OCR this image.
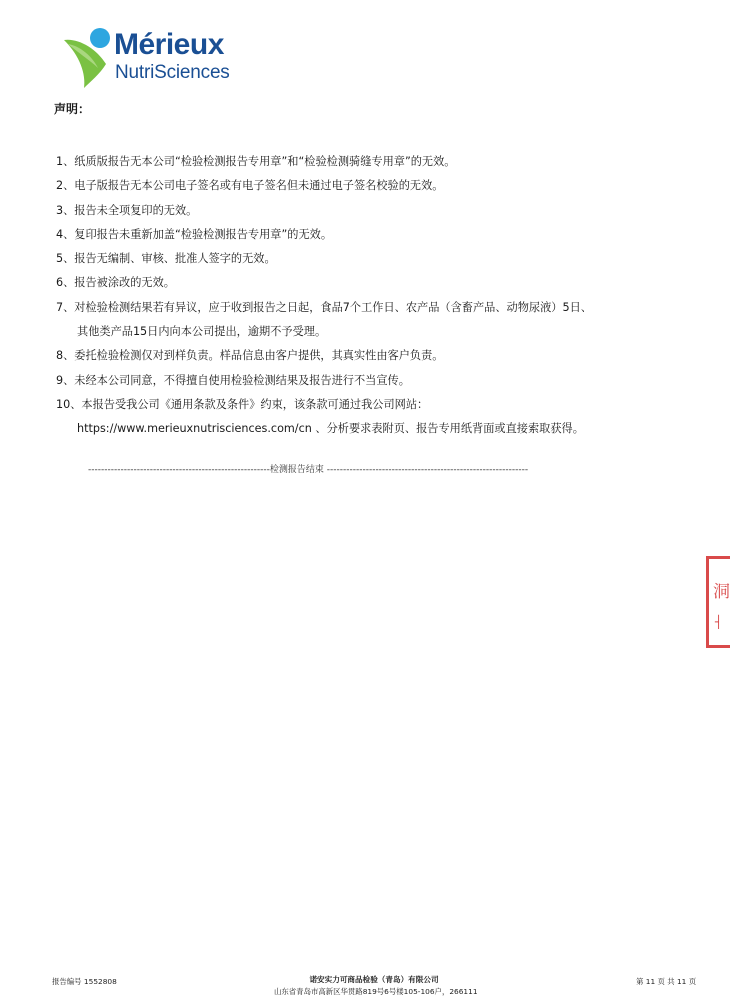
Mérieux
NutriSciences
声明：
1、纸质版报告无本公司“检验检测报告专用章”和“检验检测骑缝专用章”的无效。
2、电子版报告无本公司电子签名或有电子签名但未通过电子签名校验的无效。
3、报告未全项复印的无效。
4、复印报告未重新加盖“检验检测报告专用章”的无效。
5、报告无编制、审核、批准人签字的无效。
6、报告被涂改的无效。
7、对检验检测结果若有异议，应于收到报告之日起，食品7个工作日、农产品（含畜产品、动物尿液）5日、
其他类产品15日内向本公司提出，逾期不予受理。
8、委托检验检测仅对到样负责。样品信息由客户提供，其真实性由客户负责。
9、未经本公司同意，不得擅自使用检验检测结果及报告进行不当宣传。
10、本报告受我公司《通用条款及条件》约束，该条款可通过我公司网站：
https://www.merieuxnutrisciences.com/cn 、分析要求表附页、报告专用纸背面或直接索取获得。
--------------------------------------------------------检测报告结束 --------------------------------------------------------------
洞
┤
报告编号 1552808	诺安实力可商品检验（青岛）有限公司
山东省青岛市高新区华贯路819号6号楼105-106户，266111
第 11 页 共 11 页
